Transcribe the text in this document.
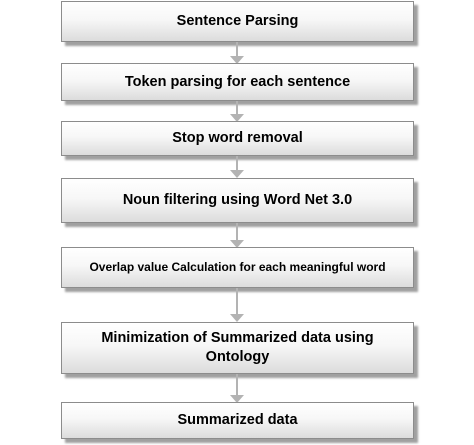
Sentence Parsing
Token parsing for each sentence
Stop word removal
Noun filtering using Word Net 3.0
Overlap value Calculation for each meaningful word
Minimization of Summarized data using Ontology
Summarized data
